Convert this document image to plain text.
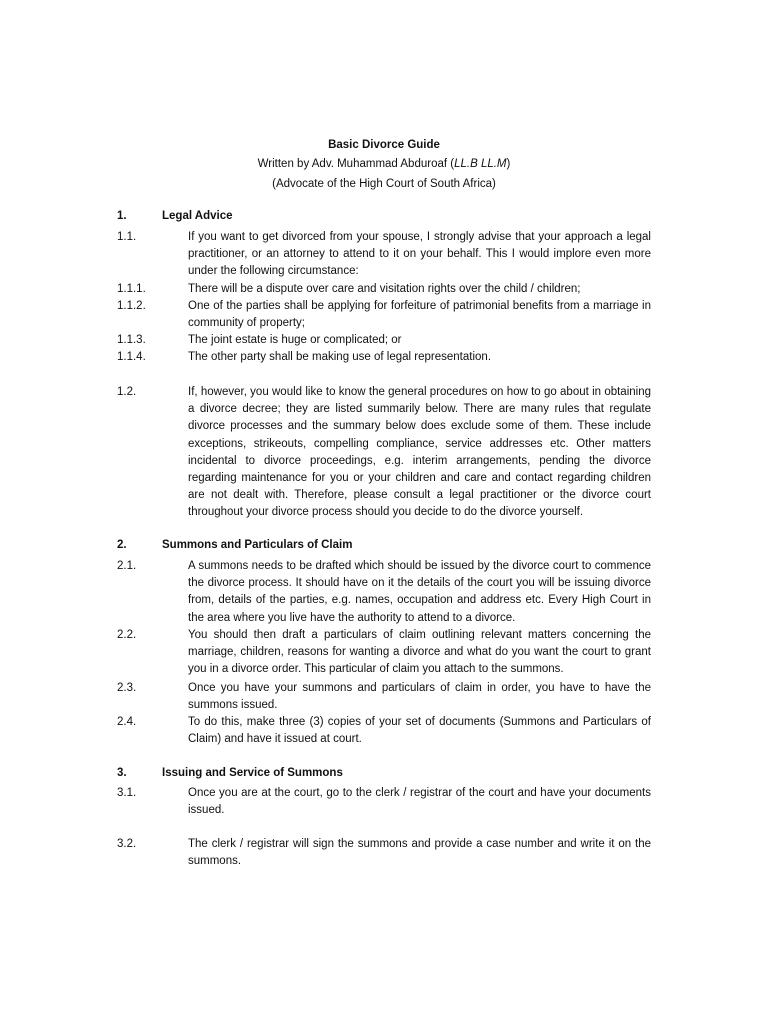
Basic Divorce Guide
Written by Adv. Muhammad Abduroaf (LL.B LL.M)
(Advocate of the High Court of South Africa)
1.	Legal Advice
1.1.	If you want to get divorced from your spouse, I strongly advise that your approach a legal practitioner, or an attorney to attend to it on your behalf. This I would implore even more under the following circumstance:
1.1.1.	There will be a dispute over care and visitation rights over the child / children;
1.1.2.	One of the parties shall be applying for forfeiture of patrimonial benefits from a marriage in community of property;
1.1.3.	The joint estate is huge or complicated; or
1.1.4.	The other party shall be making use of legal representation.
1.2.	If, however, you would like to know the general procedures on how to go about in obtaining a divorce decree; they are listed summarily below. There are many rules that regulate divorce processes and the summary below does exclude some of them. These include exceptions, strikeouts, compelling compliance, service addresses etc. Other matters incidental to divorce proceedings, e.g. interim arrangements, pending the divorce regarding maintenance for you or your children and care and contact regarding children are not dealt with. Therefore, please consult a legal practitioner or the divorce court throughout your divorce process should you decide to do the divorce yourself.
2.	Summons and Particulars of Claim
2.1.	A summons needs to be drafted which should be issued by the divorce court to commence the divorce process. It should have on it the details of the court you will be issuing divorce from, details of the parties, e.g. names, occupation and address etc. Every High Court in the area where you live have the authority to attend to a divorce.
2.2.	You should then draft a particulars of claim outlining relevant matters concerning the marriage, children, reasons for wanting a divorce and what do you want the court to grant you in a divorce order. This particular of claim you attach to the summons.
2.3.	Once you have your summons and particulars of claim in order, you have to have the summons issued.
2.4.	To do this, make three (3) copies of your set of documents (Summons and Particulars of Claim) and have it issued at court.
3.	Issuing and Service of Summons
3.1.	Once you are at the court, go to the clerk / registrar of the court and have your documents issued.
3.2.	The clerk / registrar will sign the summons and provide a case number and write it on the summons.
